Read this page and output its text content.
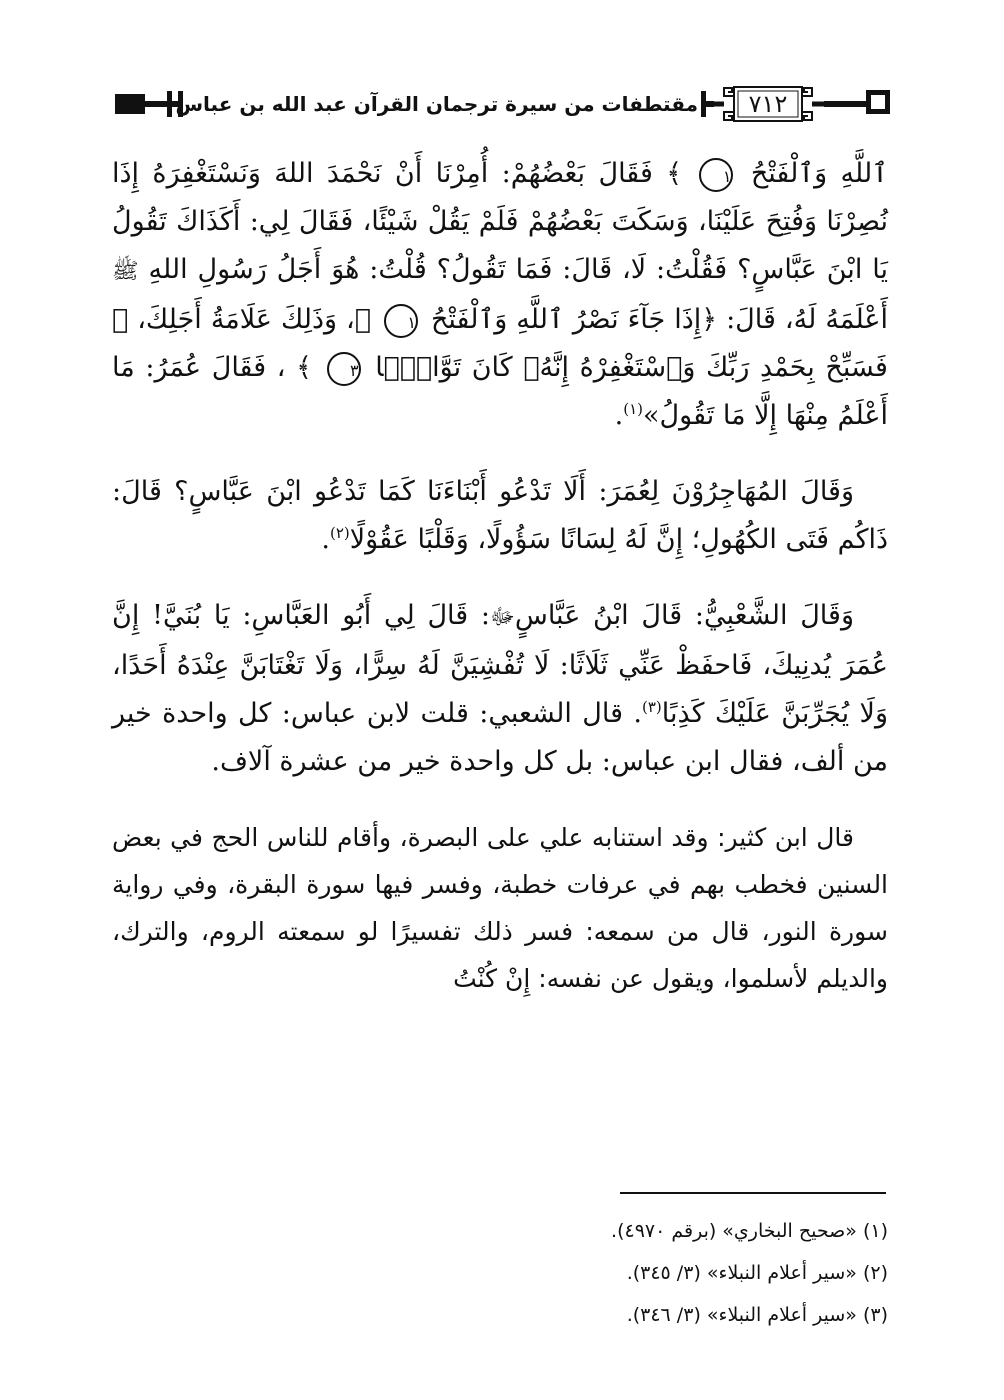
مقتطفات من سيرة ترجمان القرآن عبد الله بن عباس	٧١٢

ٱللَّهِ وَٱلْفَتْحُ ١ ﴾ فَقَالَ بَعْضُهُمْ: أُمِرْنَا أَنْ نَحْمَدَ اللهَ وَنَسْتَغْفِرَهُ إِذَا نُصِرْنَا وَفُتِحَ عَلَيْنَا، وَسَكَتَ بَعْضُهُمْ فَلَمْ يَقُلْ شَيْئًا، فَقَالَ لِي: أَكَذَاكَ تَقُولُ يَا ابْنَ عَبَّاسٍ؟ فَقُلْتُ: لَا، قَالَ: فَمَا تَقُولُ؟ قُلْتُ: هُوَ أَجَلُ رَسُولِ اللهِ ﷺ أَعْلَمَهُ لَهُ، قَالَ: ﴿إِذَا جَآءَ نَصْرُ ٱللَّهِ وَٱلْفَتْحُ ١ ﴾، وَذَلِكَ عَلَامَةُ أَجَلِكَ، ﴿ فَسَبِّحْ بِحَمْدِ رَبِّكَ وَٱسْتَغْفِرْهُ إِنَّهُۥ كَانَ تَوَّابًۢا ٣ ﴾ ، فَقَالَ عُمَرُ: مَا أَعْلَمُ مِنْهَا إِلَّا مَا تَقُولُ»$^{(١)}$.

وَقَالَ المُهَاجِرُوْنَ لِعُمَرَ: أَلَا تَدْعُو أَبْنَاءَنَا كَمَا تَدْعُو ابْنَ عَبَّاسٍ؟ قَالَ: ذَاكُم فَتَى الكُهُولِ؛ إِنَّ لَهُ لِسَانًا سَؤُولًا، وَقَلْبًا عَقُوْلًا$^{(٢)}$.

وَقَالَ الشَّعْبِيُّ: قَالَ ابْنُ عَبَّاسٍﷻ: قَالَ لِي أَبُو العَبَّاسِ: يَا بُنَيَّ! إِنَّ عُمَرَ يُدنِيكَ، فَاحفَظْ عَنِّي ثَلَاثًا: لَا تُفْشِيَنَّ لَهُ سِرًّا، وَلَا تَغْتَابَنَّ عِنْدَهُ أَحَدًا، وَلَا يُجَرِّبَنَّ عَلَيْكَ كَذِبًا$^{(٣)}$. قال الشعبي: قلت لابن عباس: كل واحدة خير من ألف، فقال ابن عباس: بل كل واحدة خير من عشرة آلاف.

قال ابن كثير: وقد استنابه علي على البصرة، وأقام للناس الحج في بعض السنين فخطب بهم في عرفات خطبة، وفسر فيها سورة البقرة، وفي رواية سورة النور، قال من سمعه: فسر ذلك تفسيرًا لو سمعته الروم، والترك، والديلم لأسلموا، ويقول عن نفسه: إِنْ كُنْتُ

(١) «صحيح البخاري» (برقم ٤٩٧٠).
(٢) «سير أعلام النبلاء» (٣/ ٣٤٥).
(٣) «سير أعلام النبلاء» (٣/ ٣٤٦).
